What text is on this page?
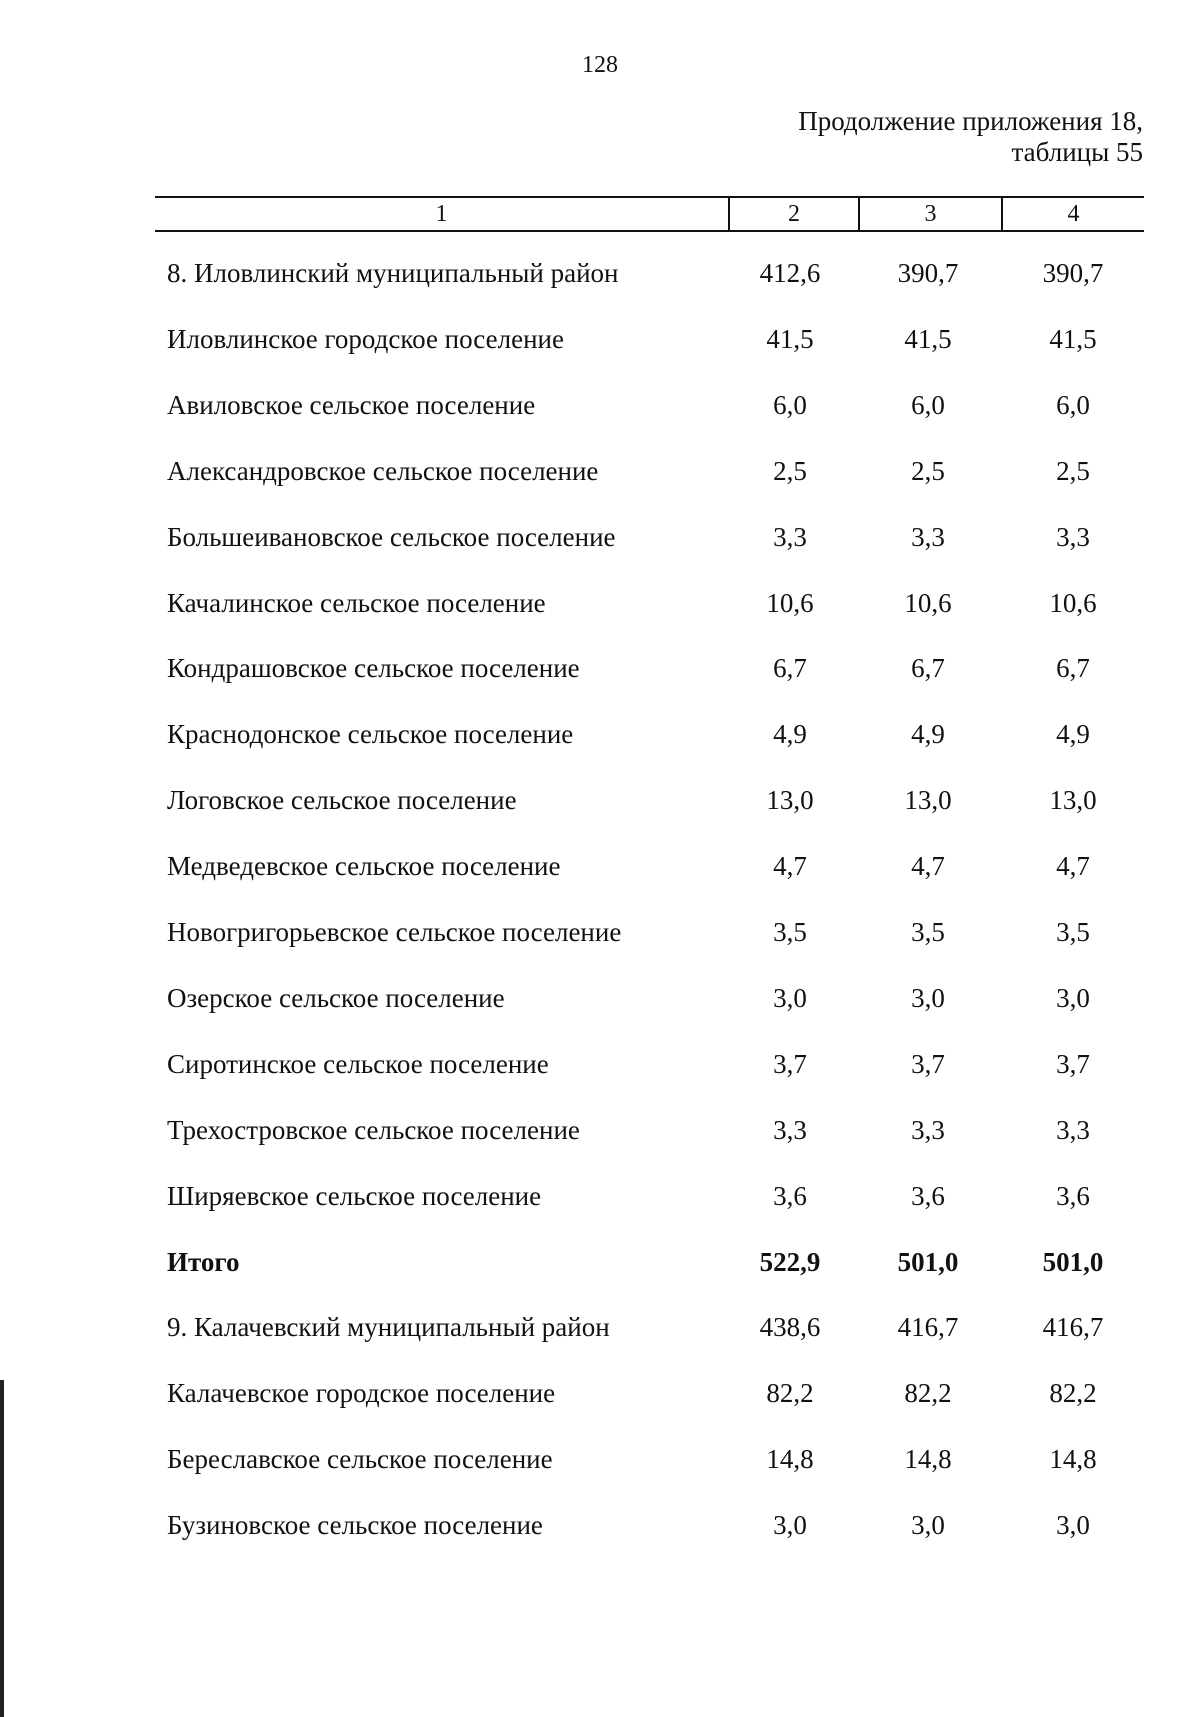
128
Продолжение приложения 18,
таблицы 55
1	2	3	4
8. Иловлинский муниципальный район	412,6	390,7	390,7
Иловлинское городское поселение	41,5	41,5	41,5
Авиловское сельское поселение	6,0	6,0	6,0
Александровское сельское поселение	2,5	2,5	2,5
Большеивановское сельское поселение	3,3	3,3	3,3
Качалинское сельское поселение	10,6	10,6	10,6
Кондрашовское сельское поселение	6,7	6,7	6,7
Краснодонское сельское поселение	4,9	4,9	4,9
Логовское сельское поселение	13,0	13,0	13,0
Медведевское сельское поселение	4,7	4,7	4,7
Новогригорьевское сельское поселение	3,5	3,5	3,5
Озерское сельское поселение	3,0	3,0	3,0
Сиротинское сельское поселение	3,7	3,7	3,7
Трехостровское сельское поселение	3,3	3,3	3,3
Ширяевское сельское поселение	3,6	3,6	3,6
Итого	522,9	501,0	501,0
9. Калачевский муниципальный район	438,6	416,7	416,7
Калачевское городское поселение	82,2	82,2	82,2
Береславское сельское поселение	14,8	14,8	14,8
Бузиновское сельское поселение	3,0	3,0	3,0
